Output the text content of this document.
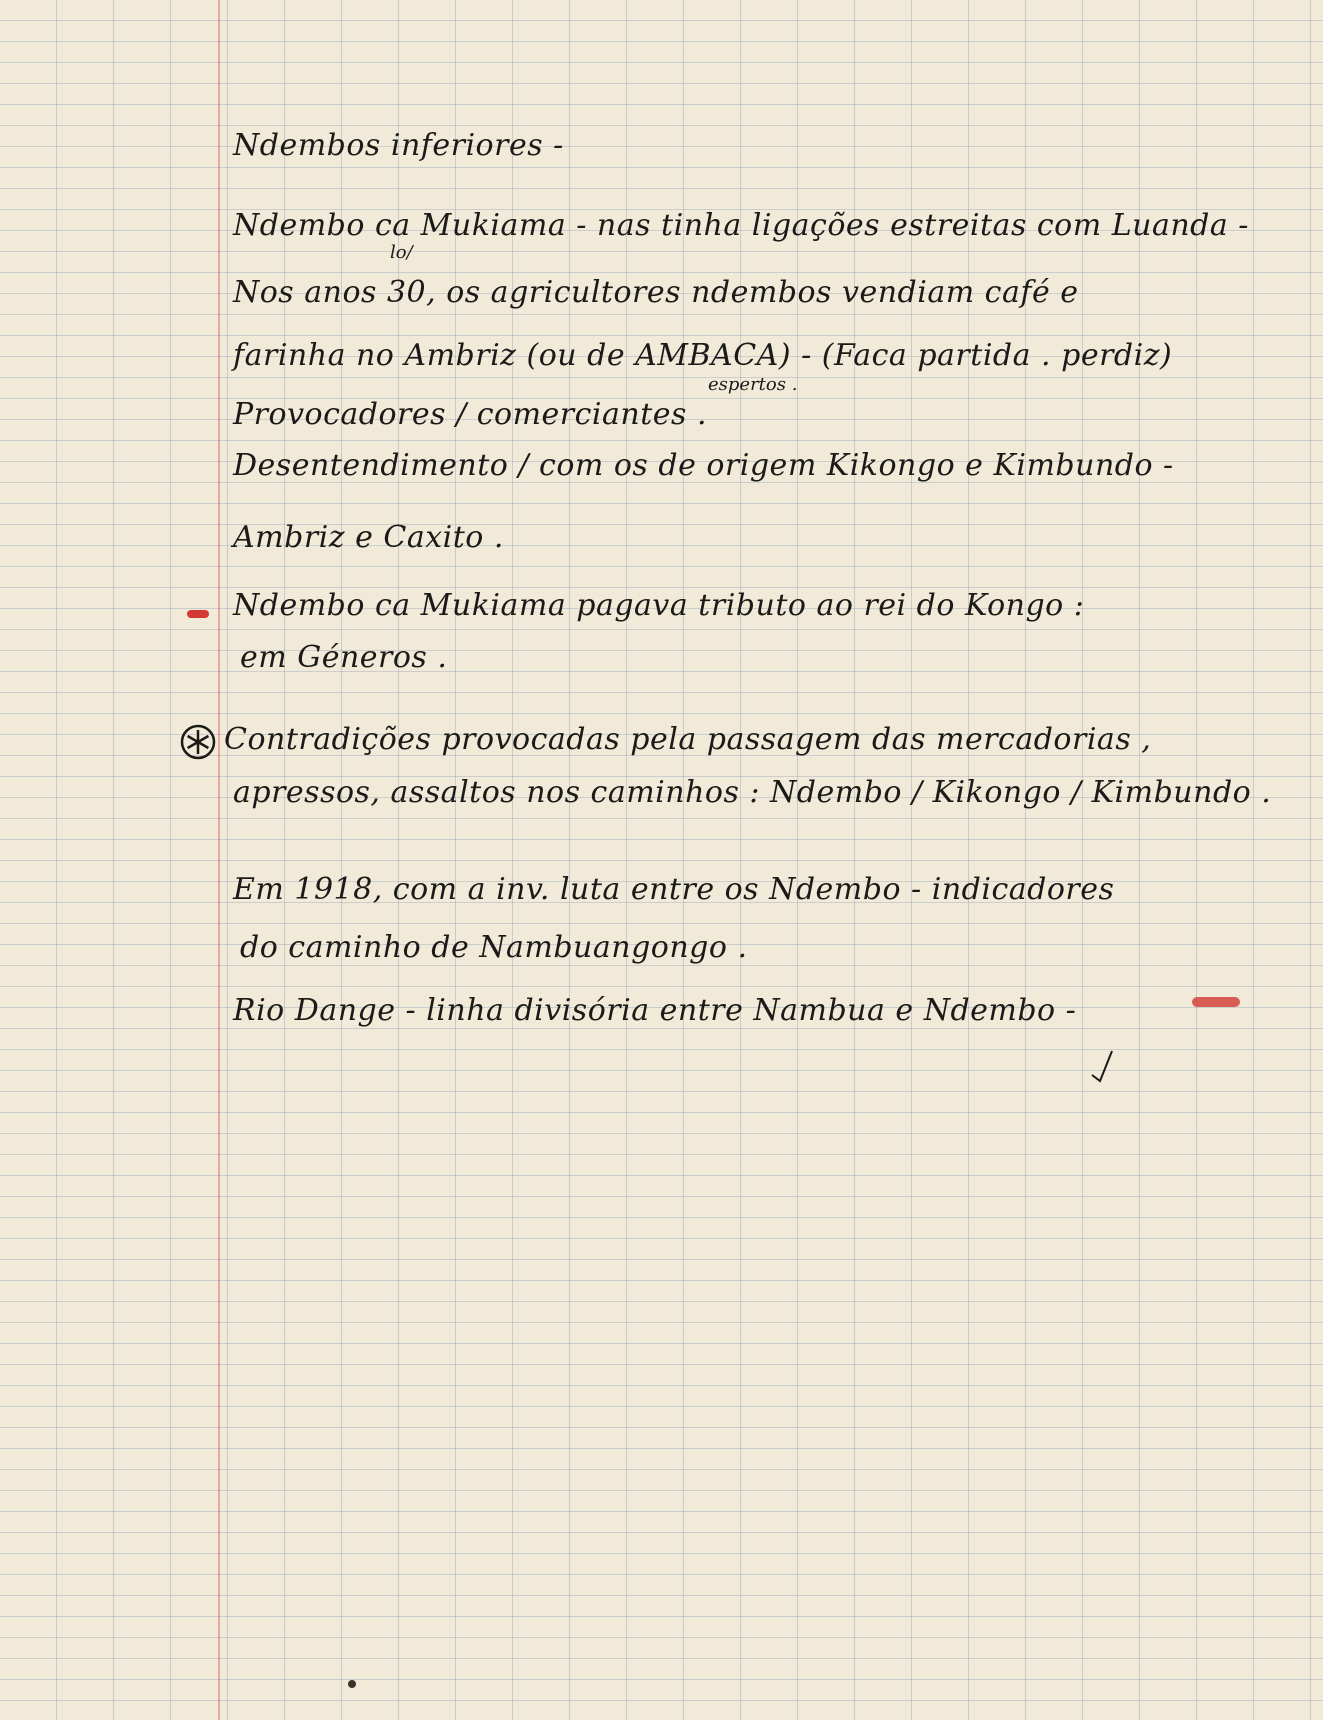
Ndembos inferiores -
Ndembo ca Mukiama - nas tinha ligações estreitas com Luanda -
lo/
Nos anos 30, os agricultores ndembos vendiam café e
farinha no Ambriz (ou de AMBACA) - (Faca partida . perdiz)
espertos .
Provocadores / comerciantes .
Desentendimento / com os de origem Kikongo e Kimbundo -
Ambriz e Caxito .
Ndembo ca Mukiama pagava tributo ao rei do Kongo :
em Géneros .
Contradições provocadas pela passagem das mercadorias ,
apressos, assaltos nos caminhos : Ndembo / Kikongo / Kimbundo .
Em 1918, com a inv. luta entre os Ndembo - indicadores
do caminho de Nambuangongo .
Rio Dange - linha divisória entre Nambua e Ndembo -
